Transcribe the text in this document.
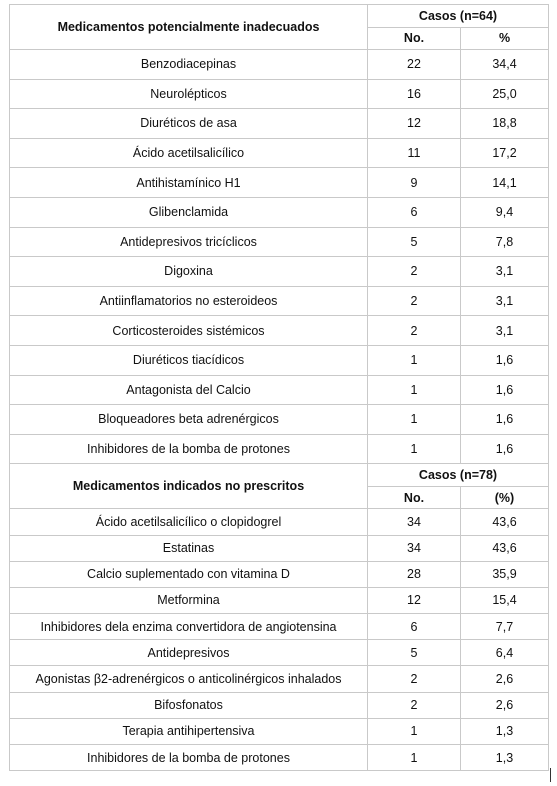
Medicamentos potencialmente inadecuados	Casos (n=64)	
	No.	%
Benzodiacepinas	22	34,4
Neurolépticos	16	25,0
Diuréticos de asa	12	18,8
Ácido acetilsalicílico	11	17,2
Antihistamínico H1	9	14,1
Glibenclamida	6	9,4
Antidepresivos tricíclicos	5	7,8
Digoxina	2	3,1
Antiinflamatorios no esteroideos	2	3,1
Corticosteroides sistémicos	2	3,1
Diuréticos tiacídicos	1	1,6
Antagonista del Calcio	1	1,6
Bloqueadores beta adrenérgicos	1	1,6
Inhibidores de la bomba de protones	1	1,6
Medicamentos indicados no prescritos	Casos (n=78)	
	No.	(%)
Ácido acetilsalicílico o clopidogrel	34	43,6
Estatinas	34	43,6
Calcio suplementado con vitamina D	28	35,9
Metformina	12	15,4
Inhibidores dela enzima convertidora de angiotensina	6	7,7
Antidepresivos	5	6,4
Agonistas β2-adrenérgicos o anticolinérgicos inhalados	2	2,6
Bifosfonatos	2	2,6
Terapia antihipertensiva	1	1,3
Inhibidores de la bomba de protones	1	1,3
